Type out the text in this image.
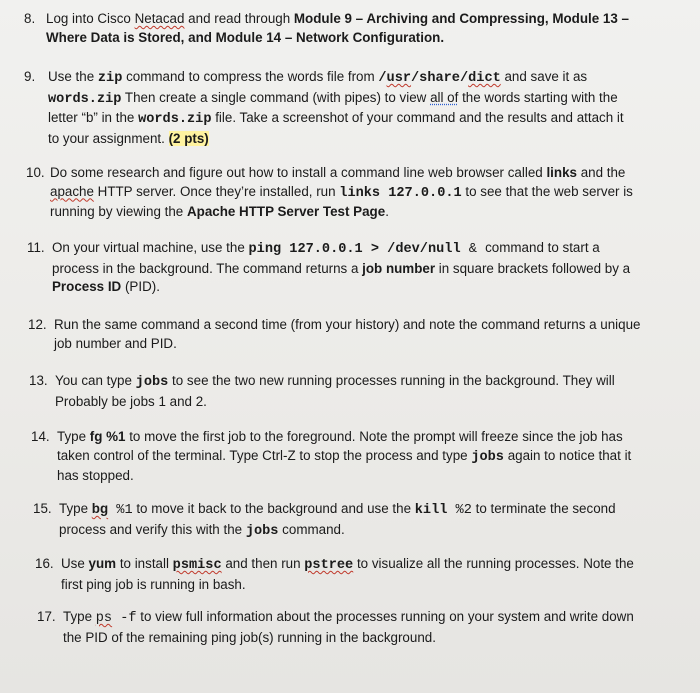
8. Log into Cisco Netacad and read through Module 9 – Archiving and Compressing, Module 13 –
Where Data is Stored, and Module 14 – Network Configuration.
9. Use the zip command to compress the words file from /usr/share/dict and save it as
words.zip Then create a single command (with pipes) to view all of the words starting with the
letter “b” in the words.zip file. Take a screenshot of your command and the results and attach it
to your assignment. (2 pts)
10. Do some research and figure out how to install a command line web browser called links and the
apache HTTP server. Once they’re installed, run links 127.0.0.1 to see that the web server is
running by viewing the Apache HTTP Server Test Page.
11. On your virtual machine, use the ping 127.0.0.1 > /dev/null & command to start a
process in the background. The command returns a job number in square brackets followed by a
Process ID (PID).
12. Run the same command a second time (from your history) and note the command returns a unique
job number and PID.
13. You can type jobs to see the two new running processes running in the background. They will
Probably be jobs 1 and 2.
14. Type fg %1 to move the first job to the foreground. Note the prompt will freeze since the job has
taken control of the terminal. Type Ctrl-Z to stop the process and type jobs again to notice that it
has stopped.
15. Type bg %1 to move it back to the background and use the kill %2 to terminate the second
process and verify this with the jobs command.
16. Use yum to install psmisc and then run pstree to visualize all the running processes. Note the
first ping job is running in bash.
17. Type ps -f to view full information about the processes running on your system and write down
the PID of the remaining ping job(s) running in the background.
